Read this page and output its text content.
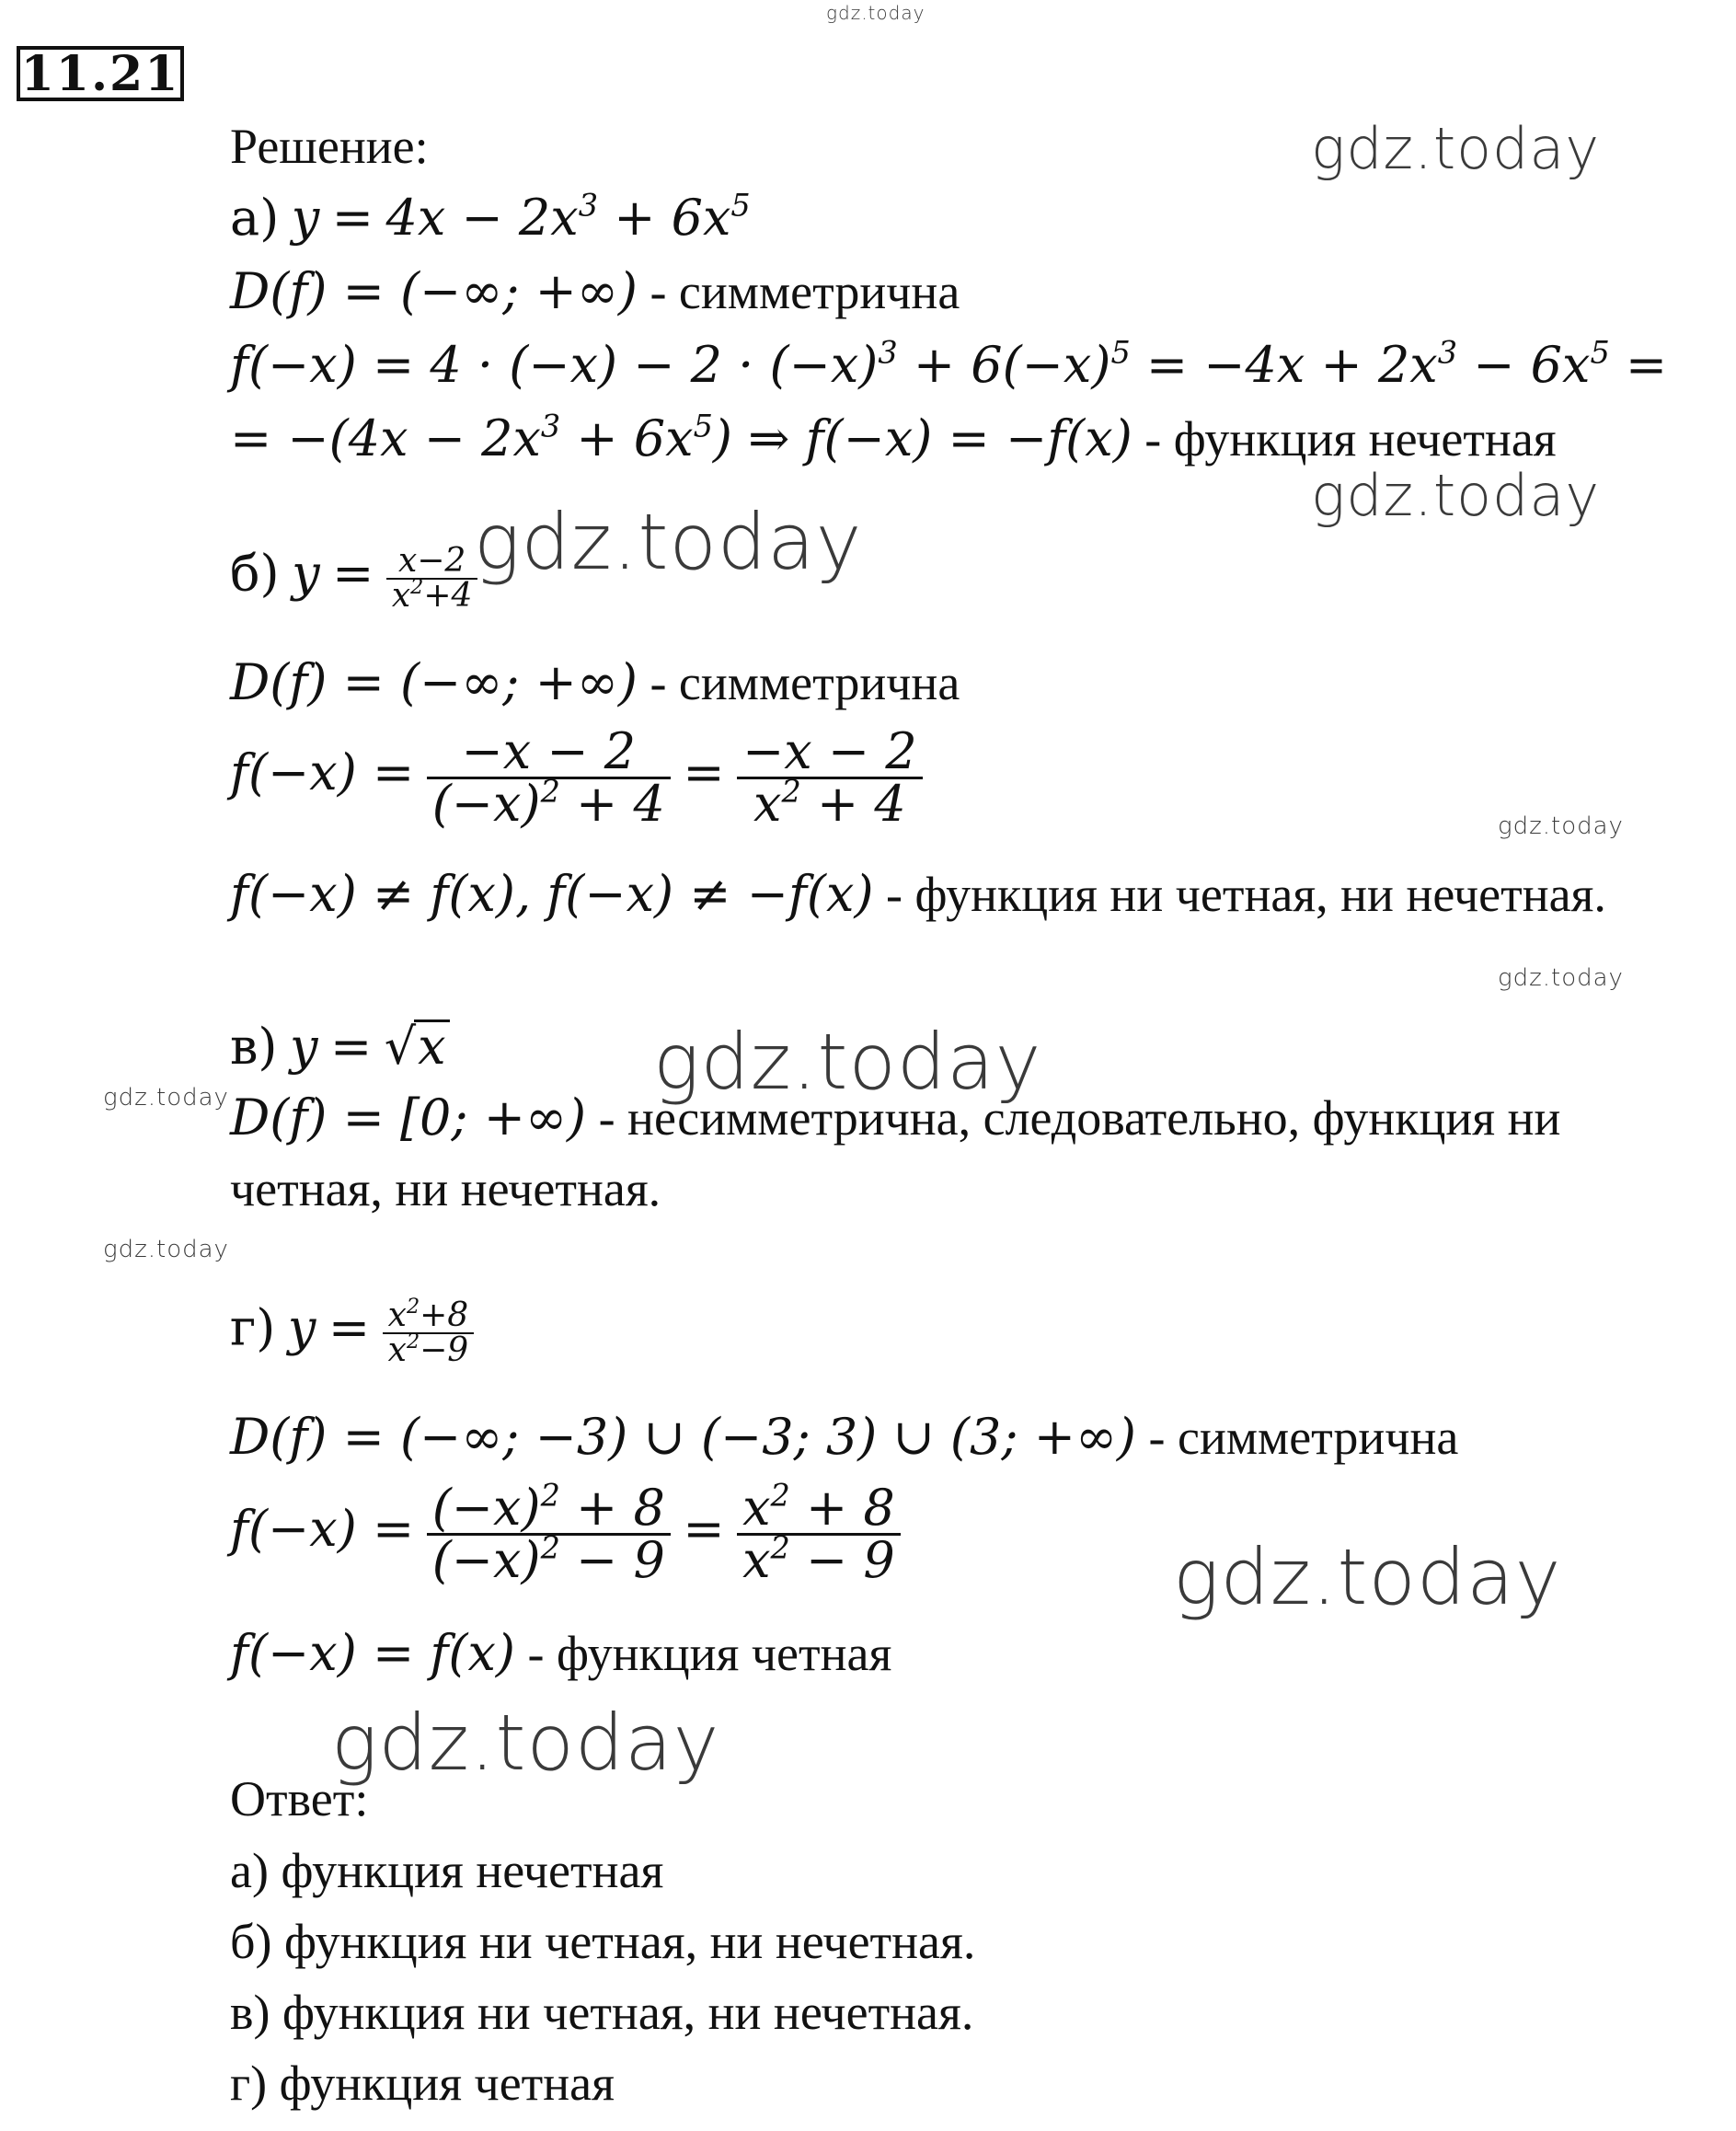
gdz.today
gdz.today
gdz.today
gdz.today
gdz.today
gdz.today
gdz.today
gdz.today
gdz.today
gdz.today
gdz.today
11.21
Решение:
а) $y = 4x - 2x^3 + 6x^5$
D(f) = (−∞; +∞) - симметрична
$f(-x) = 4 \cdot (-x) - 2 \cdot (-x)^3 + 6(-x)^5 = -4x + 2x^3 - 6x^5$ =
= $-(4x - 2x^3 + 6x^5)$ ⇒ f(−x) = −f(x) - функция нечетная
б) $y = \frac{x-2}{x^2+4}$
D(f) = (−∞; +∞) - симметрична
$f(-x) = \frac{-x - 2}{(-x)^2 + 4} = \frac{-x - 2}{x^2 + 4}$
f(−x) ≠ f(x), f(−x) ≠ −f(x) - функция ни четная, ни нечетная.
в) y = √x
D(f) = [0; +∞) - несимметрична, следовательно, функция ни
четная, ни нечетная.
г) $y = \frac{x^2+8}{x^2-9}$
D(f) = (−∞; −3) ∪ (−3; 3) ∪ (3; +∞) - симметрична
$f(-x) = \frac{(-x)^2 + 8}{(-x)^2 - 9} = \frac{x^2 + 8}{x^2 - 9}$
f(−x) = f(x) - функция четная
Ответ:
а) функция нечетная
б) функция ни четная, ни нечетная.
в) функция ни четная, ни нечетная.
г) функция четная
